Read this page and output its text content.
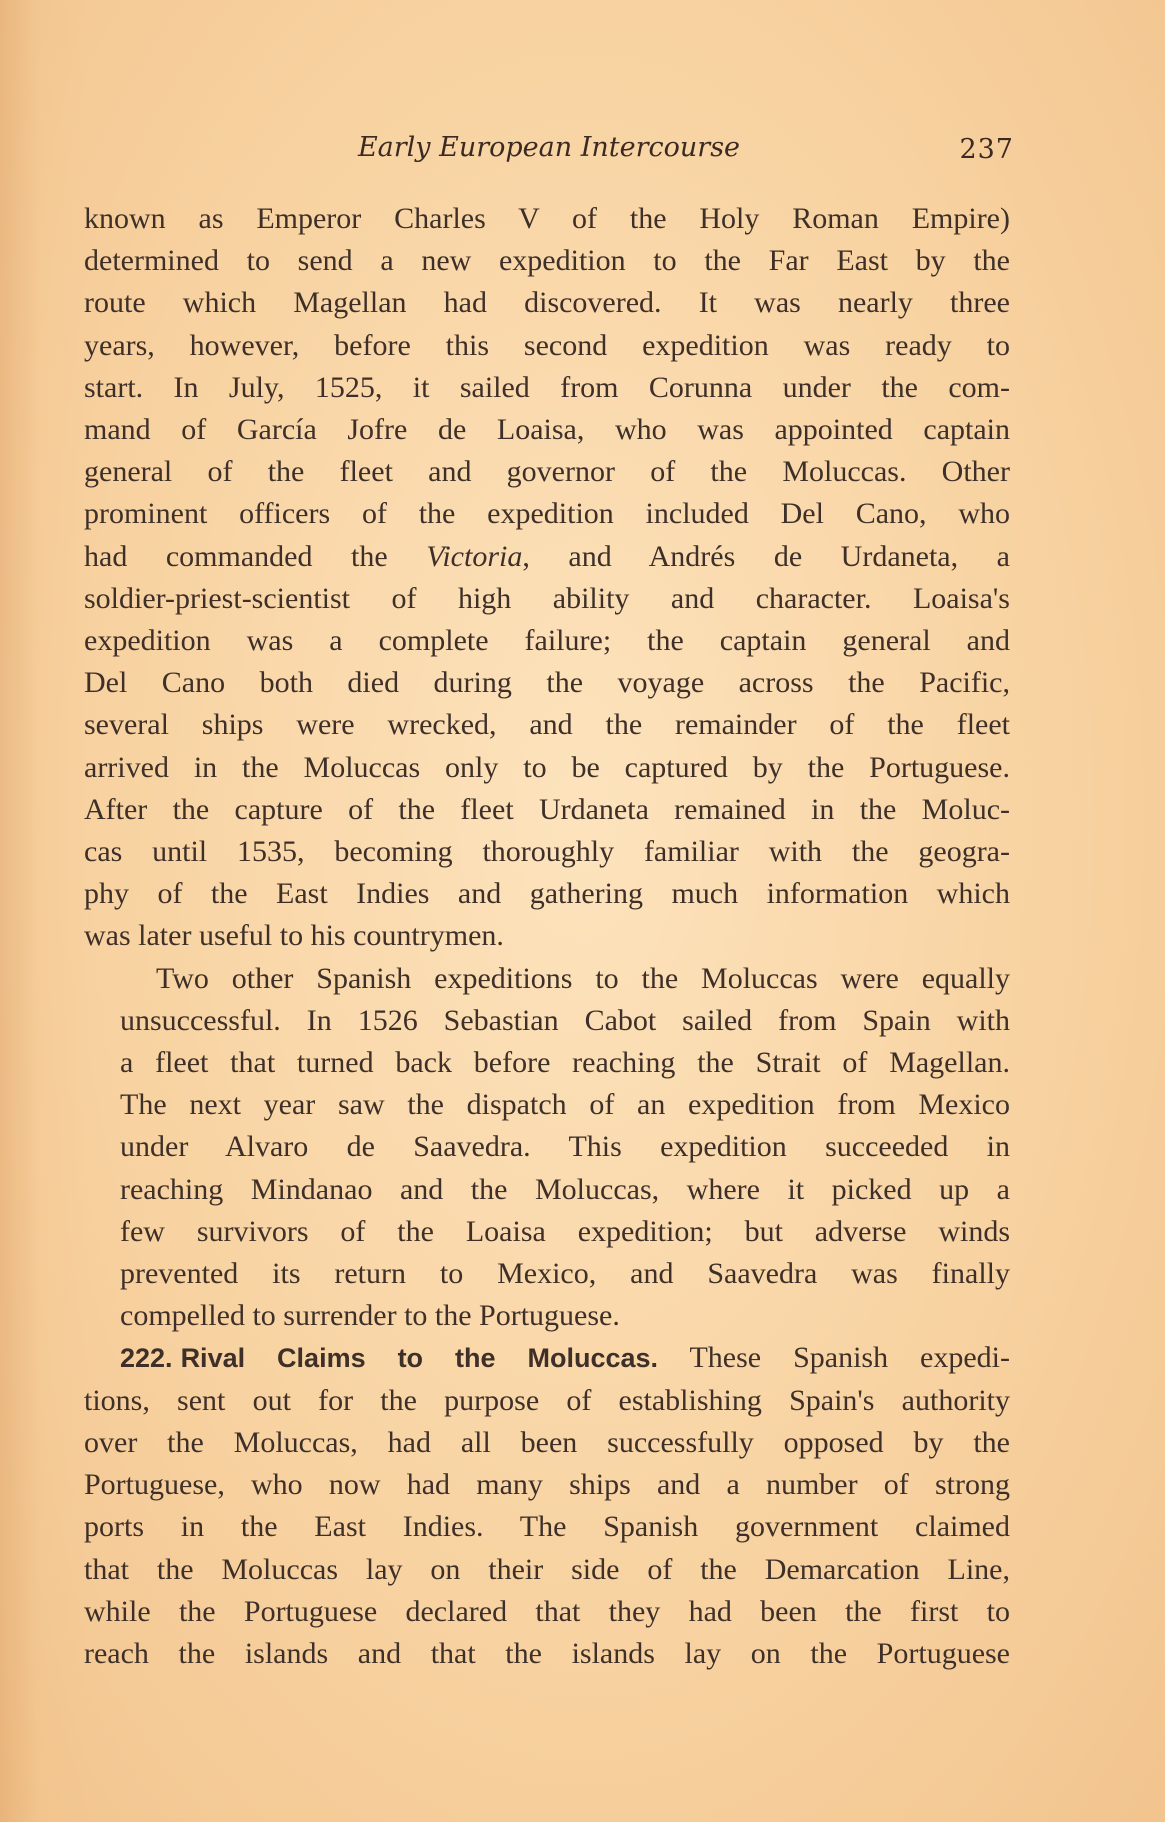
Early European Intercourse	237
known as Emperor Charles V of the Holy Roman Empire)
determined to send a new expedition to the Far East by the
route which Magellan had discovered. It was nearly three
years, however, before this second expedition was ready to
start. In July, 1525, it sailed from Corunna under the com-
mand of García Jofre de Loaisa, who was appointed captain
general of the fleet and governor of the Moluccas. Other
prominent officers of the expedition included Del Cano, who
had commanded the Victoria, and Andrés de Urdaneta, a
soldier-priest-scientist of high ability and character. Loaisa's
expedition was a complete failure; the captain general and
Del Cano both died during the voyage across the Pacific,
several ships were wrecked, and the remainder of the fleet
arrived in the Moluccas only to be captured by the Portuguese.
After the capture of the fleet Urdaneta remained in the Moluc-
cas until 1535, becoming thoroughly familiar with the geogra-
phy of the East Indies and gathering much information which
was later useful to his countrymen.
Two other Spanish expeditions to the Moluccas were equally
unsuccessful. In 1526 Sebastian Cabot sailed from Spain with
a fleet that turned back before reaching the Strait of Magellan.
The next year saw the dispatch of an expedition from Mexico
under Alvaro de Saavedra. This expedition succeeded in
reaching Mindanao and the Moluccas, where it picked up a
few survivors of the Loaisa expedition; but adverse winds
prevented its return to Mexico, and Saavedra was finally
compelled to surrender to the Portuguese.
222. Rival Claims to the Moluccas. These Spanish expedi-
tions, sent out for the purpose of establishing Spain's authority
over the Moluccas, had all been successfully opposed by the
Portuguese, who now had many ships and a number of strong
ports in the East Indies. The Spanish government claimed
that the Moluccas lay on their side of the Demarcation Line,
while the Portuguese declared that they had been the first to
reach the islands and that the islands lay on the Portuguese
